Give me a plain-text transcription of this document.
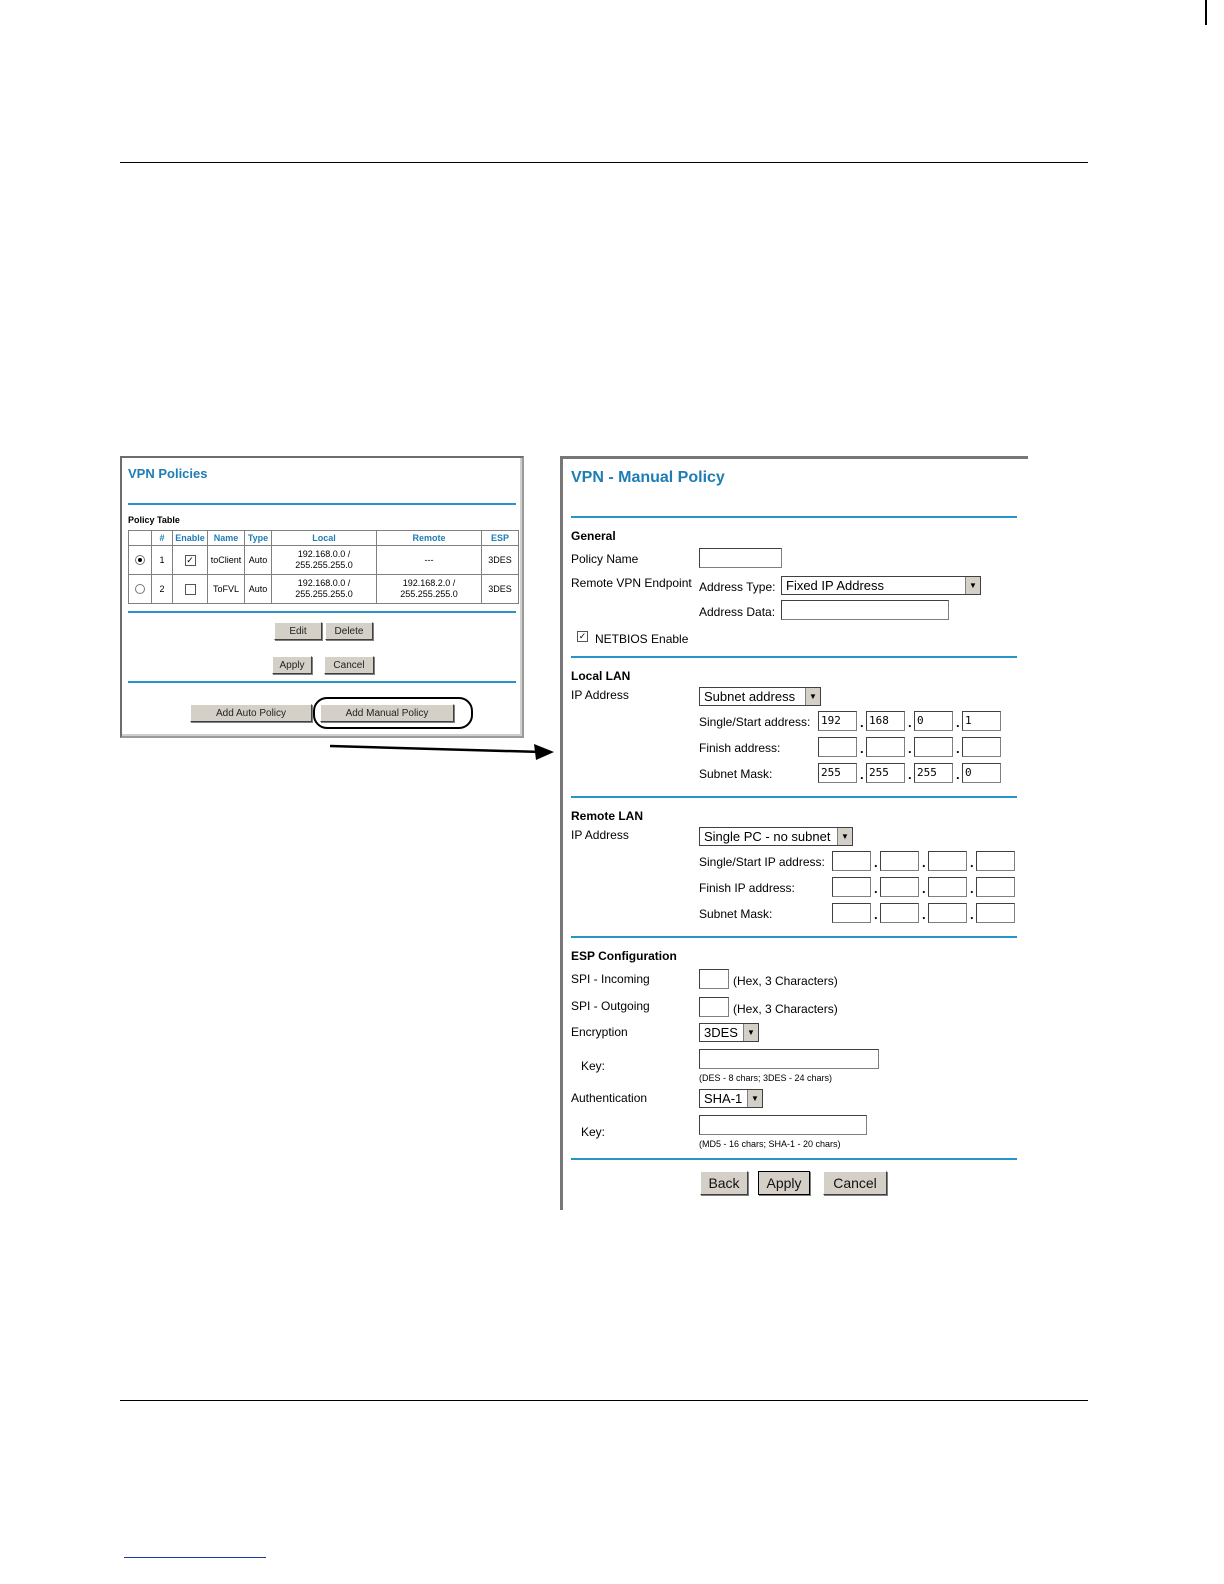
VPN Policies
Policy Table
	#	Enable	Name	Type	Local	Remote	ESP
	1	✓	toClient	Auto	192.168.0.0 /
255.255.255.0	---	3DES
	2		ToFVL	Auto	192.168.0.0 /
255.255.255.0	192.168.2.0 /
255.255.255.0	3DES
Edit	Delete
Apply	Cancel
Add Auto Policy	Add Manual Policy
VPN - Manual Policy
General
Policy Name
Remote VPN Endpoint Address Type: Fixed IP Address	▼
Address Data:
✓ NETBIOS Enable
Local LAN
IP Address	Subnet address	▼
Single/Start address: 192	. 168	. 0	. 1
Finish address:	.	.	.
Subnet Mask:	255	. 255	. 255	. 0
Remote LAN
IP Address	Single PC - no subnet	▼
Single/Start IP address:	.	.	.
Finish IP address:	.	.	.
Subnet Mask:	.	.	.
ESP Configuration
SPI - Incoming	(Hex, 3 Characters)
SPI - Outgoing	(Hex, 3 Characters)
Encryption	3DES	▼
Key:
(DES - 8 chars; 3DES - 24 chars)
Authentication	SHA-1	▼
Key:
(MD5 - 16 chars; SHA-1 - 20 chars)
Back	Apply	Cancel
